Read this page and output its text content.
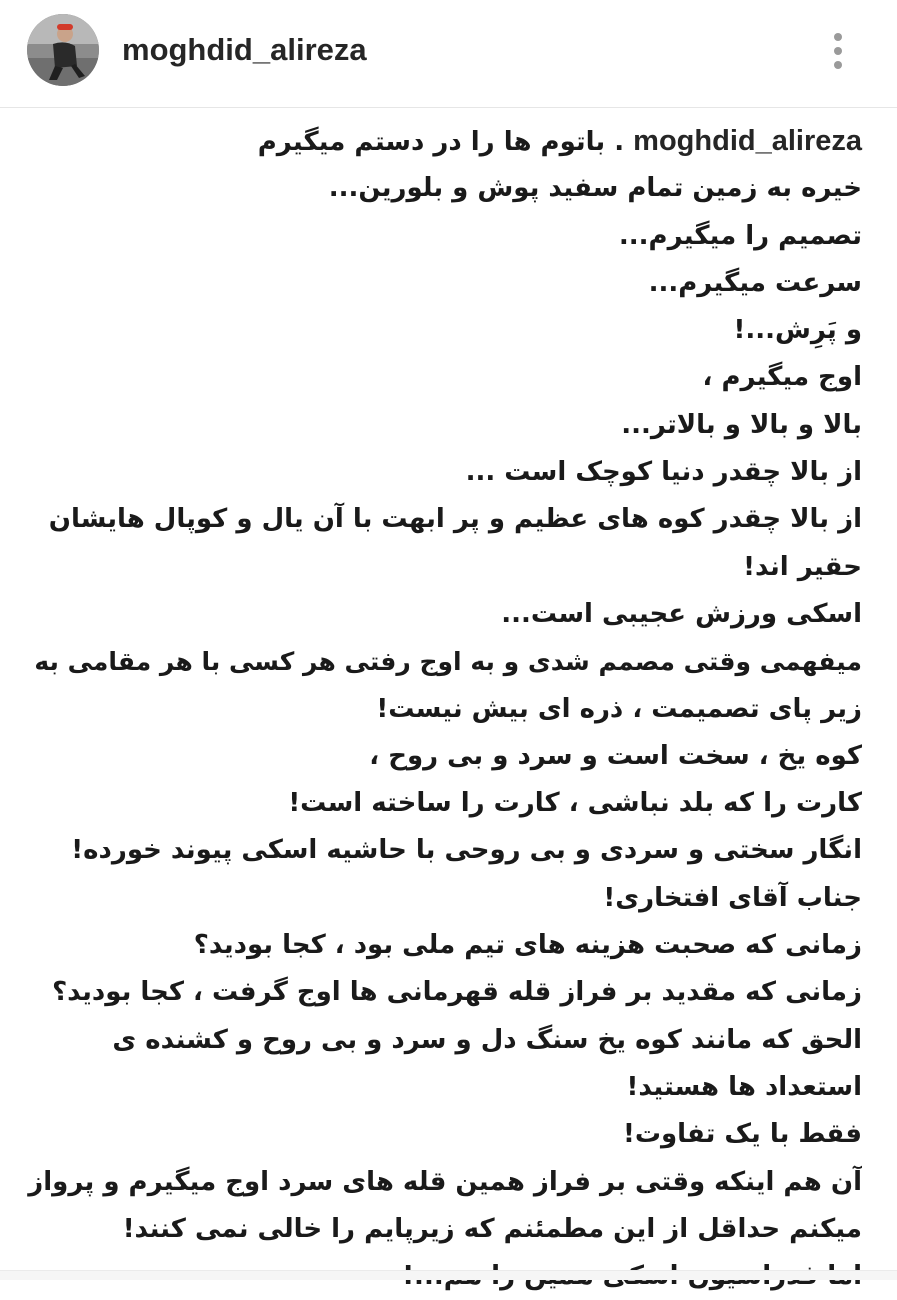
moghdid_alireza
moghdid_alireza . باتوم ها را در دستم میگیرم
خیره به زمین تمام سفید پوش و بلورین...
تصمیم را میگیرم...
سرعت میگیرم...
و پَرِش...!
اوج میگیرم ،
بالا و بالا و بالاتر...
از بالا چقدر دنیا کوچک است ...
از بالا چقدر کوه های عظیم و پر ابهت با آن یال و کوپال هایشان
حقیر اند!
اسکی ورزش عجیبی است...
میفهمی وقتی مصمم شدی و به اوج رفتی هر کسی با هر مقامی به
زیر پای تصمیمت ، ذره ای بیش نیست!
کوه یخ ، سخت است و سرد و بی روح ،
کارت را که بلد نباشی ، کارت را ساخته است!
انگار سختی و سردی و بی روحی با حاشیه اسکی پیوند خورده!
جناب آقای افتخاری!
زمانی که صحبت هزینه های تیم ملی بود ، کجا بودید؟
زمانی که مقدید بر فراز قله قهرمانی ها اوج گرفت ، کجا بودید؟
الحق که مانند کوه یخ سنگ دل و سرد و بی روح و کشنده ی
استعداد ها هستید!
فقط با یک تفاوت!
آن هم اینکه وقتی بر فراز همین قله های سرد اوج میگیرم و پرواز
میکنم حداقل از این مطمئنم که زیرپایم را خالی نمی کنند!
